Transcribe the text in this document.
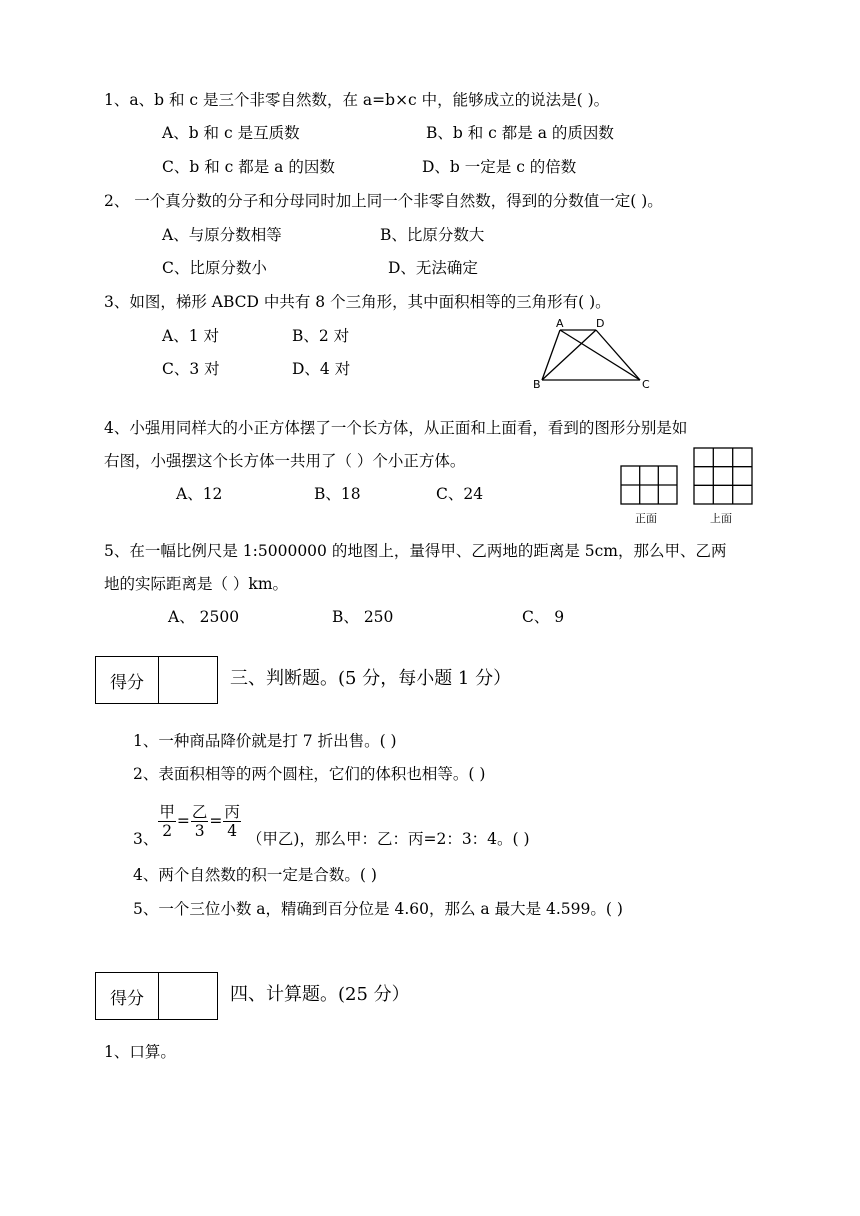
1、a、b 和 c 是三个非零自然数，在 a=b×c 中，能够成立的说法是( )。
A、b 和 c 是互质数	B、b 和 c 都是 a 的质因数
C、b 和 c 都是 a 的因数	D、b 一定是 c 的倍数
2、 一个真分数的分子和分母同时加上同一个非零自然数，得到的分数值一定( )。
A、与原分数相等	B、比原分数大
C、比原分数小	D、无法确定
3、如图，梯形 ABCD 中共有 8 个三角形，其中面积相等的三角形有( )。
A、1 对	B、2 对
C、3 对	D、4 对
A	D
B	C
4、小强用同样大的小正方体摆了一个长方体，从正面和上面看，看到的图形分别是如
右图，小强摆这个长方体一共用了（ ）个小正方体。
A、12	B、18	C、24
正面	上面
5、在一幅比例尺是 1:5000000 的地图上，量得甲、乙两地的距离是 5cm，那么甲、乙两
地的实际距离是（ ）km。
A、 2500	B、 250	C、 9
得分	三、判断题。(5 分，每小题 1 分）
1、一种商品降价就是打 7 折出售。( )
2、表面积相等的两个圆柱，它们的体积也相等。( )
3、 $\frac{\text{甲}}{2} = \frac{\text{乙}}{3} = \frac{\text{丙}}{4}$ （甲乙)，那么甲：乙：丙=2：3：4。( )
4、两个自然数的积一定是合数。( )
5、一个三位小数 a，精确到百分位是 4.60，那么 a 最大是 4.599。( )
得分	四、计算题。(25 分）
1、口算。
